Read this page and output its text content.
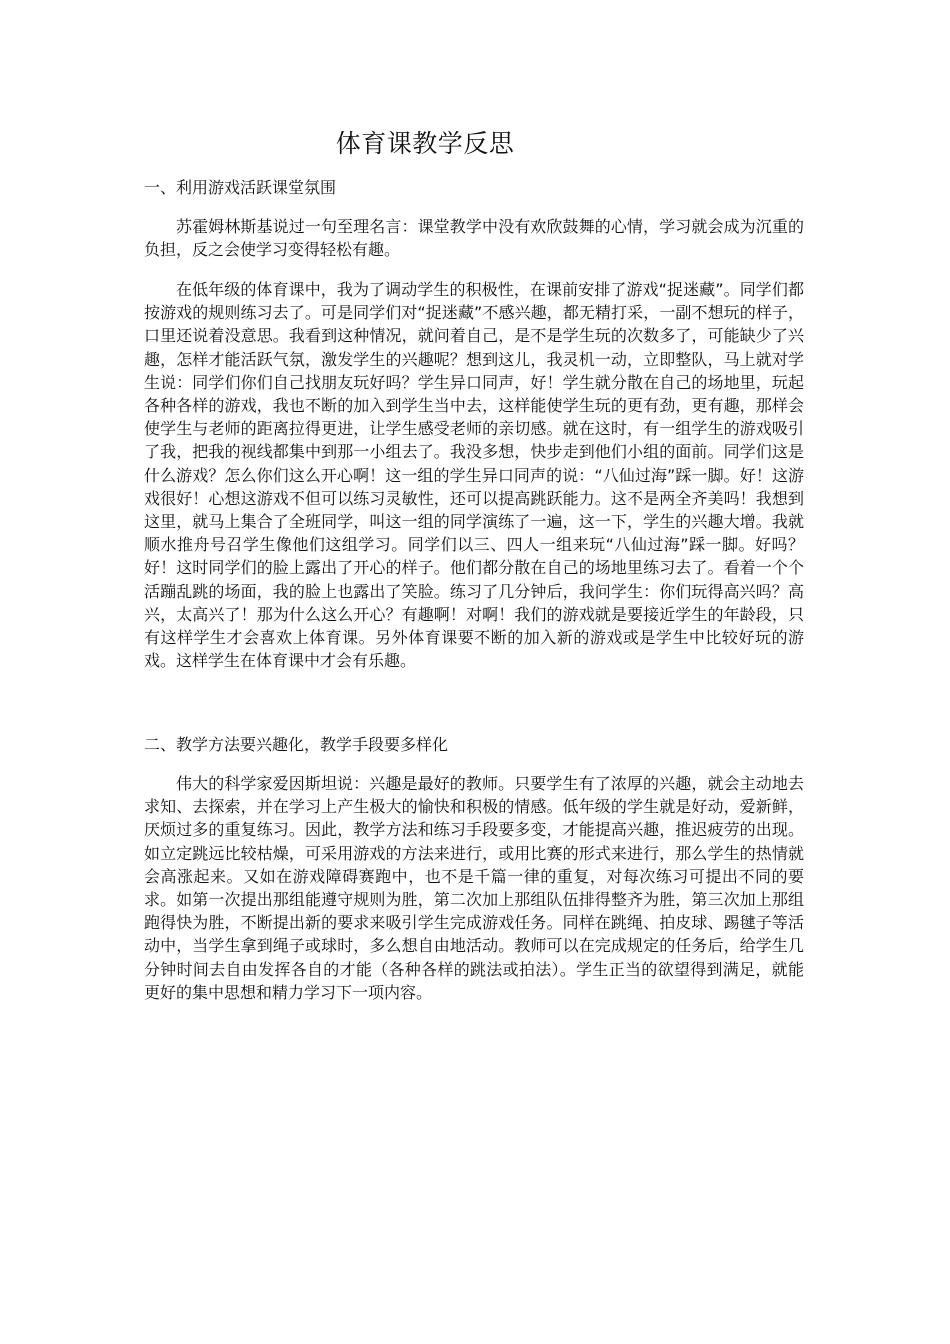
体育课教学反思
一、利用游戏活跃课堂氛围

苏霍姆林斯基说过一句至理名言：课堂教学中没有欢欣鼓舞的心情，学习就会成为沉重的负担，反之会使学习变得轻松有趣。

在低年级的体育课中，我为了调动学生的积极性，在课前安排了游戏“捉迷藏”。同学们都按游戏的规则练习去了。可是同学们对“捉迷藏”不感兴趣，都无精打采，一副不想玩的样子，口里还说着没意思。我看到这种情况，就问着自己，是不是学生玩的次数多了，可能缺少了兴趣，怎样才能活跃气氛，激发学生的兴趣呢？想到这儿，我灵机一动，立即整队，马上就对学生说：同学们你们自己找朋友玩好吗？学生异口同声，好！学生就分散在自己的场地里，玩起各种各样的游戏，我也不断的加入到学生当中去，这样能使学生玩的更有劲，更有趣，那样会使学生与老师的距离拉得更进，让学生感受老师的亲切感。就在这时，有一组学生的游戏吸引了我，把我的视线都集中到那一小组去了。我没多想，快步走到他们小组的面前。同学们这是什么游戏？怎么你们这么开心啊！这一组的学生异口同声的说：“八仙过海”踩一脚。好！这游戏很好！心想这游戏不但可以练习灵敏性，还可以提高跳跃能力。这不是两全齐美吗！我想到这里，就马上集合了全班同学，叫这一组的同学演练了一遍，这一下，学生的兴趣大增。我就顺水推舟号召学生像他们这组学习。同学们以三、四人一组来玩“八仙过海”踩一脚。好吗？好！这时同学们的脸上露出了开心的样子。他们都分散在自己的场地里练习去了。看着一个个活蹦乱跳的场面，我的脸上也露出了笑脸。练习了几分钟后，我问学生：你们玩得高兴吗？高兴，太高兴了！那为什么这么开心？有趣啊！对啊！我们的游戏就是要接近学生的年龄段，只有这样学生才会喜欢上体育课。另外体育课要不断的加入新的游戏或是学生中比较好玩的游戏。这样学生在体育课中才会有乐趣。

二、教学方法要兴趣化，教学手段要多样化

伟大的科学家爱因斯坦说：兴趣是最好的教师。只要学生有了浓厚的兴趣，就会主动地去求知、去探索，并在学习上产生极大的愉快和积极的情感。低年级的学生就是好动，爱新鲜，厌烦过多的重复练习。因此，教学方法和练习手段要多变，才能提高兴趣，推迟疲劳的出现。如立定跳远比较枯燥，可采用游戏的方法来进行，或用比赛的形式来进行，那么学生的热情就会高涨起来。又如在游戏障碍赛跑中，也不是千篇一律的重复，对每次练习可提出不同的要求。如第一次提出那组能遵守规则为胜，第二次加上那组队伍排得整齐为胜，第三次加上那组跑得快为胜，不断提出新的要求来吸引学生完成游戏任务。同样在跳绳、拍皮球、踢毽子等活动中，当学生拿到绳子或球时，多么想自由地活动。教师可以在完成规定的任务后，给学生几分钟时间去自由发挥各自的才能（各种各样的跳法或拍法）。学生正当的欲望得到满足，就能更好的集中思想和精力学习下一项内容。
